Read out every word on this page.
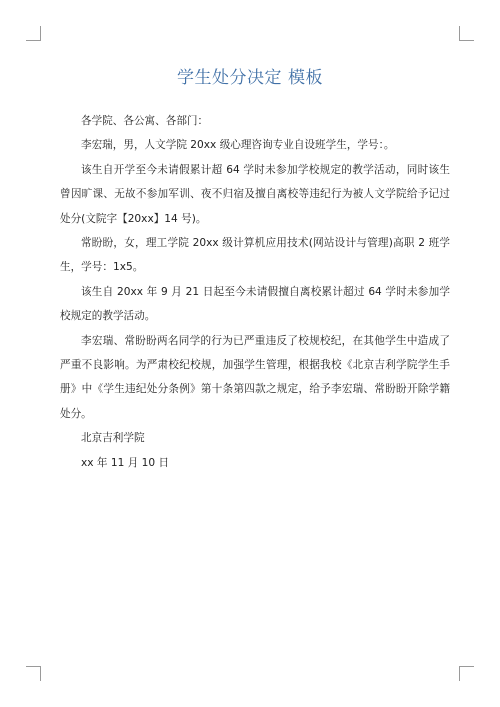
学生处分决定 模板

各学院、各公寓、各部门：

李宏瑞，男，人文学院 20xx 级心理咨询专业自设班学生，学号：。

该生自开学至今未请假累计超 64 学时未参加学校规定的教学活动，同时该生曾因旷课、无故不参加军训、夜不归宿及擅自离校等违纪行为被人文学院给予记过处分(文院字【20xx】14 号)。

常盼盼，女，理工学院 20xx 级计算机应用技术(网站设计与管理)高职 2 班学生，学号：1x5。

该生自 20xx 年 9 月 21 日起至今未请假擅自离校累计超过 64 学时未参加学校规定的教学活动。

李宏瑞、常盼盼两名同学的行为已严重违反了校规校纪，在其他学生中造成了严重不良影响。为严肃校纪校规，加强学生管理，根据我校《北京吉利学院学生手册》中《学生违纪处分条例》第十条第四款之规定，给予李宏瑞、常盼盼开除学籍处分。

北京吉利学院

xx 年 11 月 10 日
